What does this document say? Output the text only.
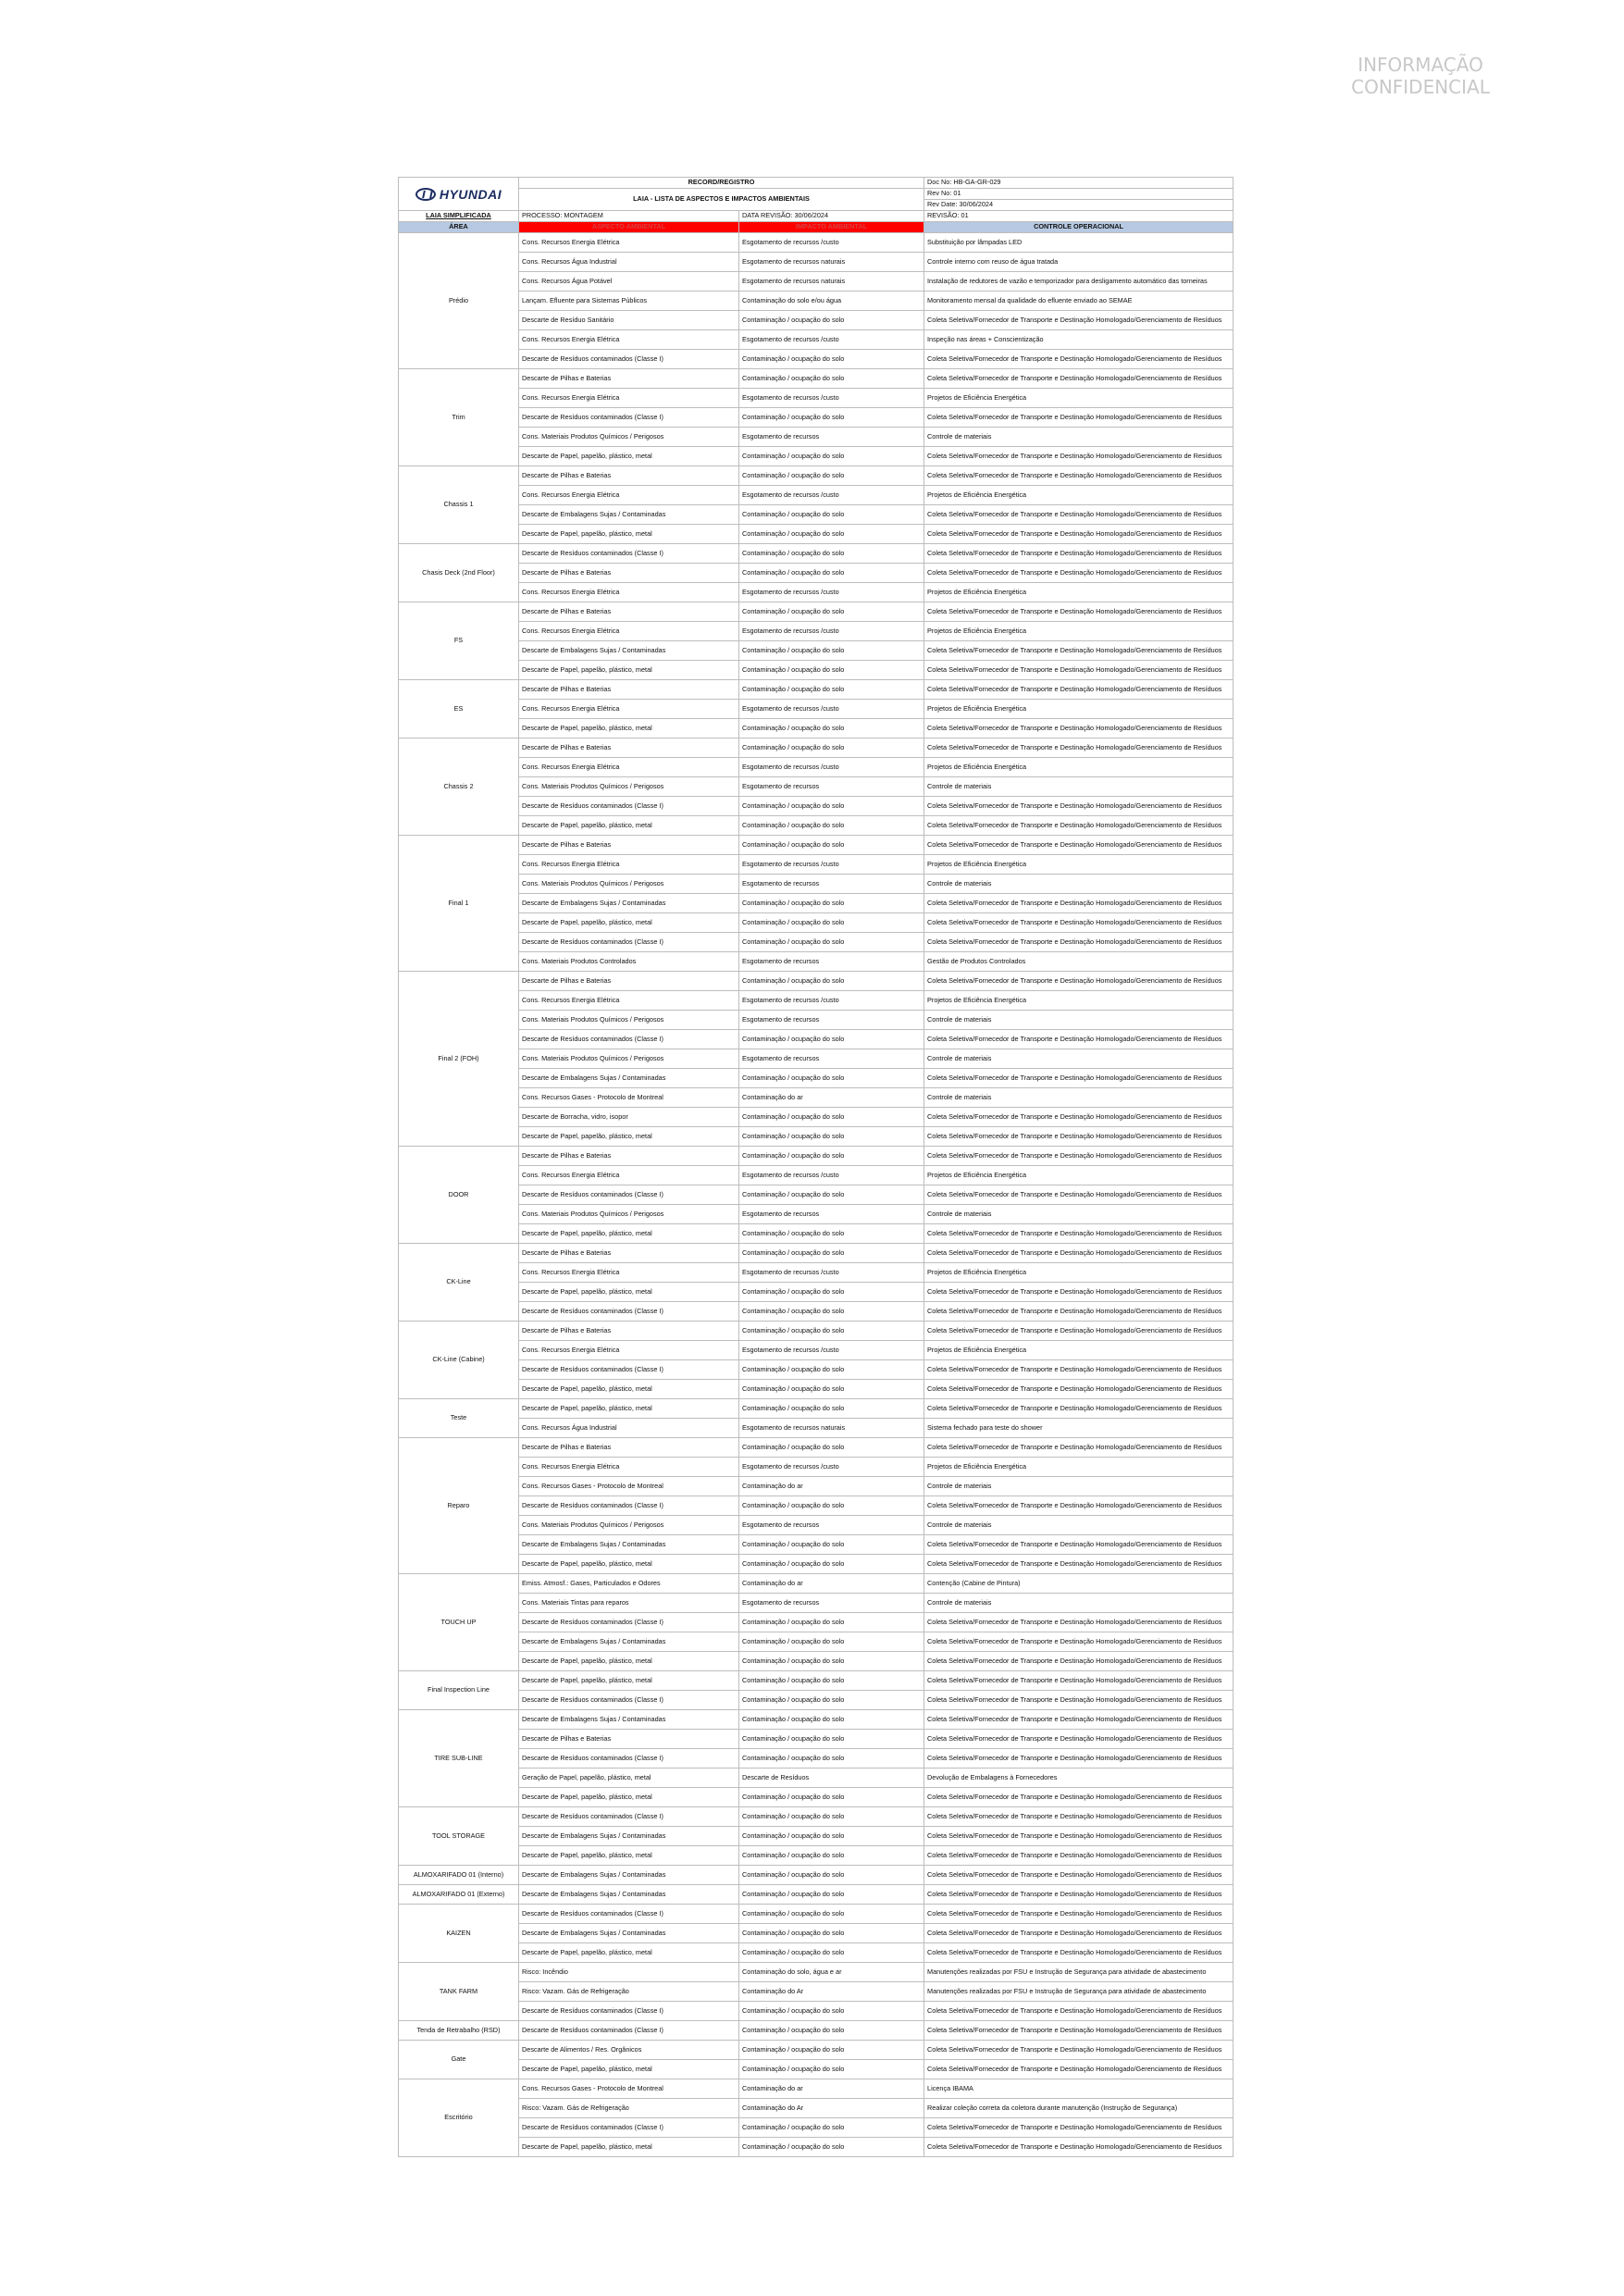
INFORMAÇÃO
CONFIDENCIAL
HYUNDAI	RECORD/REGISTRO		Doc No: HB-GA-GR-029
	LAIA - LISTA DE ASPECTOS E IMPACTOS AMBIENTAIS		Rev No: 01
			Rev Date: 30/06/2024
LAIA SIMPLIFICADA	PROCESSO: MONTAGEM	DATA REVISÃO: 30/06/2024	REVISÃO: 01
ÁREA	ASPECTO AMBIENTAL	IMPACTO AMBIENTAL	CONTROLE OPERACIONAL
Prédio	Cons. Recursos Energia Elétrica	Esgotamento de recursos /custo	Substituição por lâmpadas LED
	Cons. Recursos Água Industrial	Esgotamento de recursos naturais	Controle interno com reuso de água tratada
	Cons. Recursos Água Potável	Esgotamento de recursos naturais	Instalação de redutores de vazão e temporizador para desligamento automático das torneiras
	Lançam. Efluente para Sistemas Públicos	Contaminação do solo e/ou água	Monitoramento mensal da qualidade do efluente enviado ao SEMAE
	Descarte de Resíduo Sanitário	Contaminação / ocupação do solo	Coleta Seletiva/Fornecedor de Transporte e Destinação Homologado/Gerenciamento de Resíduos
	Cons. Recursos Energia Elétrica	Esgotamento de recursos /custo	Inspeção nas áreas + Conscientização
	Descarte de Resíduos contaminados (Classe I)	Contaminação / ocupação do solo	Coleta Seletiva/Fornecedor de Transporte e Destinação Homologado/Gerenciamento de Resíduos
Trim	Descarte de Pilhas e Baterias	Contaminação / ocupação do solo	Coleta Seletiva/Fornecedor de Transporte e Destinação Homologado/Gerenciamento de Resíduos
	Cons. Recursos Energia Elétrica	Esgotamento de recursos /custo	Projetos de Eficiência Energética
	Descarte de Resíduos contaminados (Classe I)	Contaminação / ocupação do solo	Coleta Seletiva/Fornecedor de Transporte e Destinação Homologado/Gerenciamento de Resíduos
	Cons. Materiais Produtos Químicos / Perigosos	Esgotamento de recursos	Controle de materiais
	Descarte de Papel, papelão, plástico, metal	Contaminação / ocupação do solo	Coleta Seletiva/Fornecedor de Transporte e Destinação Homologado/Gerenciamento de Resíduos
Chassis 1	Descarte de Pilhas e Baterias	Contaminação / ocupação do solo	Coleta Seletiva/Fornecedor de Transporte e Destinação Homologado/Gerenciamento de Resíduos
	Cons. Recursos Energia Elétrica	Esgotamento de recursos /custo	Projetos de Eficiência Energética
	Descarte de Embalagens Sujas / Contaminadas	Contaminação / ocupação do solo	Coleta Seletiva/Fornecedor de Transporte e Destinação Homologado/Gerenciamento de Resíduos
	Descarte de Papel, papelão, plástico, metal	Contaminação / ocupação do solo	Coleta Seletiva/Fornecedor de Transporte e Destinação Homologado/Gerenciamento de Resíduos
Chasis Deck (2nd Floor)	Descarte de Resíduos contaminados (Classe I)	Contaminação / ocupação do solo	Coleta Seletiva/Fornecedor de Transporte e Destinação Homologado/Gerenciamento de Resíduos
	Descarte de Pilhas e Baterias	Contaminação / ocupação do solo	Coleta Seletiva/Fornecedor de Transporte e Destinação Homologado/Gerenciamento de Resíduos
	Cons. Recursos Energia Elétrica	Esgotamento de recursos /custo	Projetos de Eficiência Energética
FS	Descarte de Pilhas e Baterias	Contaminação / ocupação do solo	Coleta Seletiva/Fornecedor de Transporte e Destinação Homologado/Gerenciamento de Resíduos
	Cons. Recursos Energia Elétrica	Esgotamento de recursos /custo	Projetos de Eficiência Energética
	Descarte de Embalagens Sujas / Contaminadas	Contaminação / ocupação do solo	Coleta Seletiva/Fornecedor de Transporte e Destinação Homologado/Gerenciamento de Resíduos
	Descarte de Papel, papelão, plástico, metal	Contaminação / ocupação do solo	Coleta Seletiva/Fornecedor de Transporte e Destinação Homologado/Gerenciamento de Resíduos
ES	Descarte de Pilhas e Baterias	Contaminação / ocupação do solo	Coleta Seletiva/Fornecedor de Transporte e Destinação Homologado/Gerenciamento de Resíduos
	Cons. Recursos Energia Elétrica	Esgotamento de recursos /custo	Projetos de Eficiência Energética
	Descarte de Papel, papelão, plástico, metal	Contaminação / ocupação do solo	Coleta Seletiva/Fornecedor de Transporte e Destinação Homologado/Gerenciamento de Resíduos
Chassis 2	Descarte de Pilhas e Baterias	Contaminação / ocupação do solo	Coleta Seletiva/Fornecedor de Transporte e Destinação Homologado/Gerenciamento de Resíduos
	Cons. Recursos Energia Elétrica	Esgotamento de recursos /custo	Projetos de Eficiência Energética
	Cons. Materiais Produtos Químicos / Perigosos	Esgotamento de recursos	Controle de materiais
	Descarte de Resíduos contaminados (Classe I)	Contaminação / ocupação do solo	Coleta Seletiva/Fornecedor de Transporte e Destinação Homologado/Gerenciamento de Resíduos
	Descarte de Papel, papelão, plástico, metal	Contaminação / ocupação do solo	Coleta Seletiva/Fornecedor de Transporte e Destinação Homologado/Gerenciamento de Resíduos
Final 1	Descarte de Pilhas e Baterias	Contaminação / ocupação do solo	Coleta Seletiva/Fornecedor de Transporte e Destinação Homologado/Gerenciamento de Resíduos
	Cons. Recursos Energia Elétrica	Esgotamento de recursos /custo	Projetos de Eficiência Energética
	Cons. Materiais Produtos Químicos / Perigosos	Esgotamento de recursos	Controle de materiais
	Descarte de Embalagens Sujas / Contaminadas	Contaminação / ocupação do solo	Coleta Seletiva/Fornecedor de Transporte e Destinação Homologado/Gerenciamento de Resíduos
	Descarte de Papel, papelão, plástico, metal	Contaminação / ocupação do solo	Coleta Seletiva/Fornecedor de Transporte e Destinação Homologado/Gerenciamento de Resíduos
	Descarte de Resíduos contaminados (Classe I)	Contaminação / ocupação do solo	Coleta Seletiva/Fornecedor de Transporte e Destinação Homologado/Gerenciamento de Resíduos
	Cons. Materiais Produtos Controlados	Esgotamento de recursos	Gestão de Produtos Controlados
Final 2 (FOH)	Descarte de Pilhas e Baterias	Contaminação / ocupação do solo	Coleta Seletiva/Fornecedor de Transporte e Destinação Homologado/Gerenciamento de Resíduos
	Cons. Recursos Energia Elétrica	Esgotamento de recursos /custo	Projetos de Eficiência Energética
	Cons. Materiais Produtos Químicos / Perigosos	Esgotamento de recursos	Controle de materiais
	Descarte de Resíduos contaminados (Classe I)	Contaminação / ocupação do solo	Coleta Seletiva/Fornecedor de Transporte e Destinação Homologado/Gerenciamento de Resíduos
	Cons. Materiais Produtos Químicos / Perigosos	Esgotamento de recursos	Controle de materiais
	Descarte de Embalagens Sujas / Contaminadas	Contaminação / ocupação do solo	Coleta Seletiva/Fornecedor de Transporte e Destinação Homologado/Gerenciamento de Resíduos
	Cons. Recursos Gases - Protocolo de Montreal	Contaminação do ar	Controle de materiais
	Descarte de Borracha, vidro, isopor	Contaminação / ocupação do solo	Coleta Seletiva/Fornecedor de Transporte e Destinação Homologado/Gerenciamento de Resíduos
	Descarte de Papel, papelão, plástico, metal	Contaminação / ocupação do solo	Coleta Seletiva/Fornecedor de Transporte e Destinação Homologado/Gerenciamento de Resíduos
DOOR	Descarte de Pilhas e Baterias	Contaminação / ocupação do solo	Coleta Seletiva/Fornecedor de Transporte e Destinação Homologado/Gerenciamento de Resíduos
	Cons. Recursos Energia Elétrica	Esgotamento de recursos /custo	Projetos de Eficiência Energética
	Descarte de Resíduos contaminados (Classe I)	Contaminação / ocupação do solo	Coleta Seletiva/Fornecedor de Transporte e Destinação Homologado/Gerenciamento de Resíduos
	Cons. Materiais Produtos Químicos / Perigosos	Esgotamento de recursos	Controle de materiais
	Descarte de Papel, papelão, plástico, metal	Contaminação / ocupação do solo	Coleta Seletiva/Fornecedor de Transporte e Destinação Homologado/Gerenciamento de Resíduos
CK-Line	Descarte de Pilhas e Baterias	Contaminação / ocupação do solo	Coleta Seletiva/Fornecedor de Transporte e Destinação Homologado/Gerenciamento de Resíduos
	Cons. Recursos Energia Elétrica	Esgotamento de recursos /custo	Projetos de Eficiência Energética
	Descarte de Papel, papelão, plástico, metal	Contaminação / ocupação do solo	Coleta Seletiva/Fornecedor de Transporte e Destinação Homologado/Gerenciamento de Resíduos
	Descarte de Resíduos contaminados (Classe I)	Contaminação / ocupação do solo	Coleta Seletiva/Fornecedor de Transporte e Destinação Homologado/Gerenciamento de Resíduos
CK-Line (Cabine)	Descarte de Pilhas e Baterias	Contaminação / ocupação do solo	Coleta Seletiva/Fornecedor de Transporte e Destinação Homologado/Gerenciamento de Resíduos
	Cons. Recursos Energia Elétrica	Esgotamento de recursos /custo	Projetos de Eficiência Energética
	Descarte de Resíduos contaminados (Classe I)	Contaminação / ocupação do solo	Coleta Seletiva/Fornecedor de Transporte e Destinação Homologado/Gerenciamento de Resíduos
	Descarte de Papel, papelão, plástico, metal	Contaminação / ocupação do solo	Coleta Seletiva/Fornecedor de Transporte e Destinação Homologado/Gerenciamento de Resíduos
Teste	Descarte de Papel, papelão, plástico, metal	Contaminação / ocupação do solo	Coleta Seletiva/Fornecedor de Transporte e Destinação Homologado/Gerenciamento de Resíduos
	Cons. Recursos Água Industrial	Esgotamento de recursos naturais	Sistema fechado para teste do shower
Reparo	Descarte de Pilhas e Baterias	Contaminação / ocupação do solo	Coleta Seletiva/Fornecedor de Transporte e Destinação Homologado/Gerenciamento de Resíduos
	Cons. Recursos Energia Elétrica	Esgotamento de recursos /custo	Projetos de Eficiência Energética
	Cons. Recursos Gases - Protocolo de Montreal	Contaminação do ar	Controle de materiais
	Descarte de Resíduos contaminados (Classe I)	Contaminação / ocupação do solo	Coleta Seletiva/Fornecedor de Transporte e Destinação Homologado/Gerenciamento de Resíduos
	Cons. Materiais Produtos Químicos / Perigosos	Esgotamento de recursos	Controle de materiais
	Descarte de Embalagens Sujas / Contaminadas	Contaminação / ocupação do solo	Coleta Seletiva/Fornecedor de Transporte e Destinação Homologado/Gerenciamento de Resíduos
	Descarte de Papel, papelão, plástico, metal	Contaminação / ocupação do solo	Coleta Seletiva/Fornecedor de Transporte e Destinação Homologado/Gerenciamento de Resíduos
TOUCH UP	Emiss. Atmosf.: Gases, Particulados e Odores	Contaminação do ar	Contenção (Cabine de Pintura)
	Cons. Materiais Tintas para reparos	Esgotamento de recursos	Controle de materiais
	Descarte de Resíduos contaminados (Classe I)	Contaminação / ocupação do solo	Coleta Seletiva/Fornecedor de Transporte e Destinação Homologado/Gerenciamento de Resíduos
	Descarte de Embalagens Sujas / Contaminadas	Contaminação / ocupação do solo	Coleta Seletiva/Fornecedor de Transporte e Destinação Homologado/Gerenciamento de Resíduos
	Descarte de Papel, papelão, plástico, metal	Contaminação / ocupação do solo	Coleta Seletiva/Fornecedor de Transporte e Destinação Homologado/Gerenciamento de Resíduos
Final Inspection Line	Descarte de Papel, papelão, plástico, metal	Contaminação / ocupação do solo	Coleta Seletiva/Fornecedor de Transporte e Destinação Homologado/Gerenciamento de Resíduos
	Descarte de Resíduos contaminados (Classe I)	Contaminação / ocupação do solo	Coleta Seletiva/Fornecedor de Transporte e Destinação Homologado/Gerenciamento de Resíduos
TIRE SUB-LINE	Descarte de Embalagens Sujas / Contaminadas	Contaminação / ocupação do solo	Coleta Seletiva/Fornecedor de Transporte e Destinação Homologado/Gerenciamento de Resíduos
	Descarte de Pilhas e Baterias	Contaminação / ocupação do solo	Coleta Seletiva/Fornecedor de Transporte e Destinação Homologado/Gerenciamento de Resíduos
	Descarte de Resíduos contaminados (Classe I)	Contaminação / ocupação do solo	Coleta Seletiva/Fornecedor de Transporte e Destinação Homologado/Gerenciamento de Resíduos
	Geração de Papel, papelão, plástico, metal	Descarte de Resíduos	Devolução de Embalagens à Fornecedores
	Descarte de Papel, papelão, plástico, metal	Contaminação / ocupação do solo	Coleta Seletiva/Fornecedor de Transporte e Destinação Homologado/Gerenciamento de Resíduos
TOOL STORAGE	Descarte de Resíduos contaminados (Classe I)	Contaminação / ocupação do solo	Coleta Seletiva/Fornecedor de Transporte e Destinação Homologado/Gerenciamento de Resíduos
	Descarte de Embalagens Sujas / Contaminadas	Contaminação / ocupação do solo	Coleta Seletiva/Fornecedor de Transporte e Destinação Homologado/Gerenciamento de Resíduos
	Descarte de Papel, papelão, plástico, metal	Contaminação / ocupação do solo	Coleta Seletiva/Fornecedor de Transporte e Destinação Homologado/Gerenciamento de Resíduos
ALMOXARIFADO 01 (Interno)	Descarte de Embalagens Sujas / Contaminadas	Contaminação / ocupação do solo	Coleta Seletiva/Fornecedor de Transporte e Destinação Homologado/Gerenciamento de Resíduos
ALMOXARIFADO 01 (Externo)	Descarte de Embalagens Sujas / Contaminadas	Contaminação / ocupação do solo	Coleta Seletiva/Fornecedor de Transporte e Destinação Homologado/Gerenciamento de Resíduos
KAIZEN	Descarte de Resíduos contaminados (Classe I)	Contaminação / ocupação do solo	Coleta Seletiva/Fornecedor de Transporte e Destinação Homologado/Gerenciamento de Resíduos
	Descarte de Embalagens Sujas / Contaminadas	Contaminação / ocupação do solo	Coleta Seletiva/Fornecedor de Transporte e Destinação Homologado/Gerenciamento de Resíduos
	Descarte de Papel, papelão, plástico, metal	Contaminação / ocupação do solo	Coleta Seletiva/Fornecedor de Transporte e Destinação Homologado/Gerenciamento de Resíduos
TANK FARM	Risco: Incêndio	Contaminação do solo, água e ar	Manutenções realizadas por FSU e Instrução de Segurança para atividade de abastecimento
	Risco: Vazam. Gás de Refrigeração	Contaminação do Ar	Manutenções realizadas por FSU e Instrução de Segurança para atividade de abastecimento
	Descarte de Resíduos contaminados (Classe I)	Contaminação / ocupação do solo	Coleta Seletiva/Fornecedor de Transporte e Destinação Homologado/Gerenciamento de Resíduos
Tenda de Retrabalho (RSD)	Descarte de Resíduos contaminados (Classe I)	Contaminação / ocupação do solo	Coleta Seletiva/Fornecedor de Transporte e Destinação Homologado/Gerenciamento de Resíduos
Gate	Descarte de Alimentos / Res. Orgânicos	Contaminação / ocupação do solo	Coleta Seletiva/Fornecedor de Transporte e Destinação Homologado/Gerenciamento de Resíduos
	Descarte de Papel, papelão, plástico, metal	Contaminação / ocupação do solo	Coleta Seletiva/Fornecedor de Transporte e Destinação Homologado/Gerenciamento de Resíduos
Escritório	Cons. Recursos Gases - Protocolo de Montreal	Contaminação do ar	Licença IBAMA
	Risco: Vazam. Gás de Refrigeração	Contaminação do Ar	Realizar coleção correta da coletora durante manutenção (Instrução de Segurança)
	Descarte de Resíduos contaminados (Classe I)	Contaminação / ocupação do solo	Coleta Seletiva/Fornecedor de Transporte e Destinação Homologado/Gerenciamento de Resíduos
	Descarte de Papel, papelão, plástico, metal	Contaminação / ocupação do solo	Coleta Seletiva/Fornecedor de Transporte e Destinação Homologado/Gerenciamento de Resíduos
